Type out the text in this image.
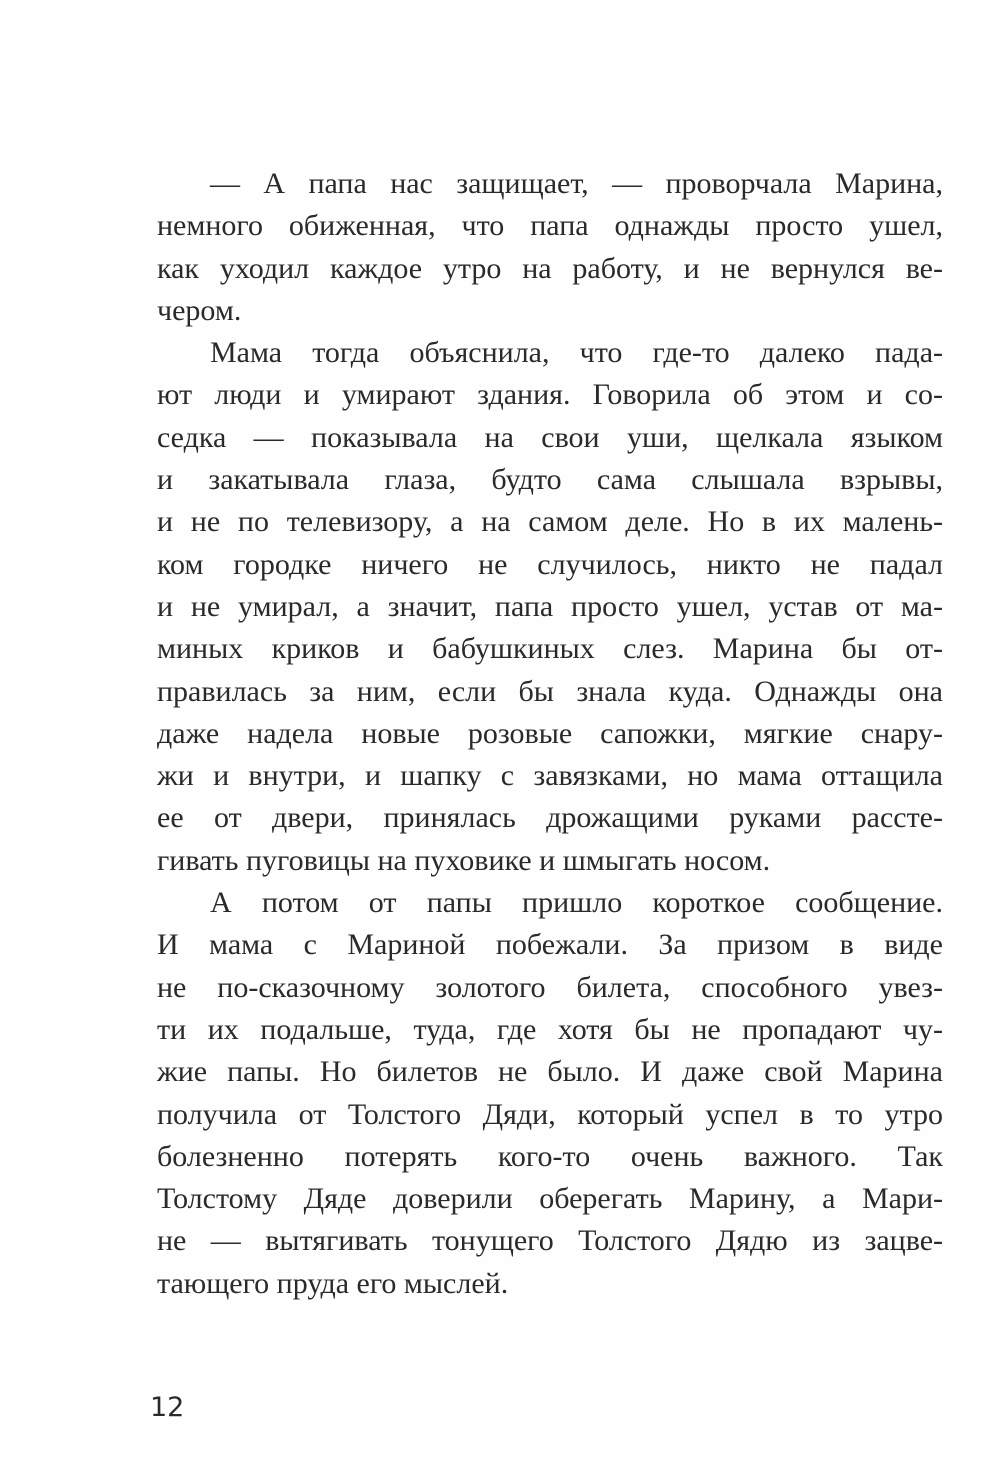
— А папа нас защищает, — проворчала Марина,
немного обиженная, что папа однажды просто ушел,
как уходил каждое утро на работу, и не вернулся ве-
чером.
Мама тогда объяснила, что где-то далеко пада-
ют люди и умирают здания. Говорила об этом и со-
седка — показывала на свои уши, щелкала языком
и закатывала глаза, будто сама слышала взрывы,
и не по телевизору, а на самом деле. Но в их малень-
ком городке ничего не случилось, никто не падал
и не умирал, а значит, папа просто ушел, устав от ма-
миных криков и бабушкиных слез. Марина бы от-
правилась за ним, если бы знала куда. Однажды она
даже надела новые розовые сапожки, мягкие снару-
жи и внутри, и шапку с завязками, но мама оттащила
ее от двери, принялась дрожащими руками рассте-
гивать пуговицы на пуховике и шмыгать носом.
А потом от папы пришло короткое сообщение.
И мама с Мариной побежали. За призом в виде
не по-сказочному золотого билета, способного увез-
ти их подальше, туда, где хотя бы не пропадают чу-
жие папы. Но билетов не было. И даже свой Марина
получила от Толстого Дяди, который успел в то утро
болезненно потерять кого-то очень важного. Так
Толстому Дяде доверили оберегать Марину, а Мари-
не — вытягивать тонущего Толстого Дядю из зацве-
тающего пруда его мыслей.
12
